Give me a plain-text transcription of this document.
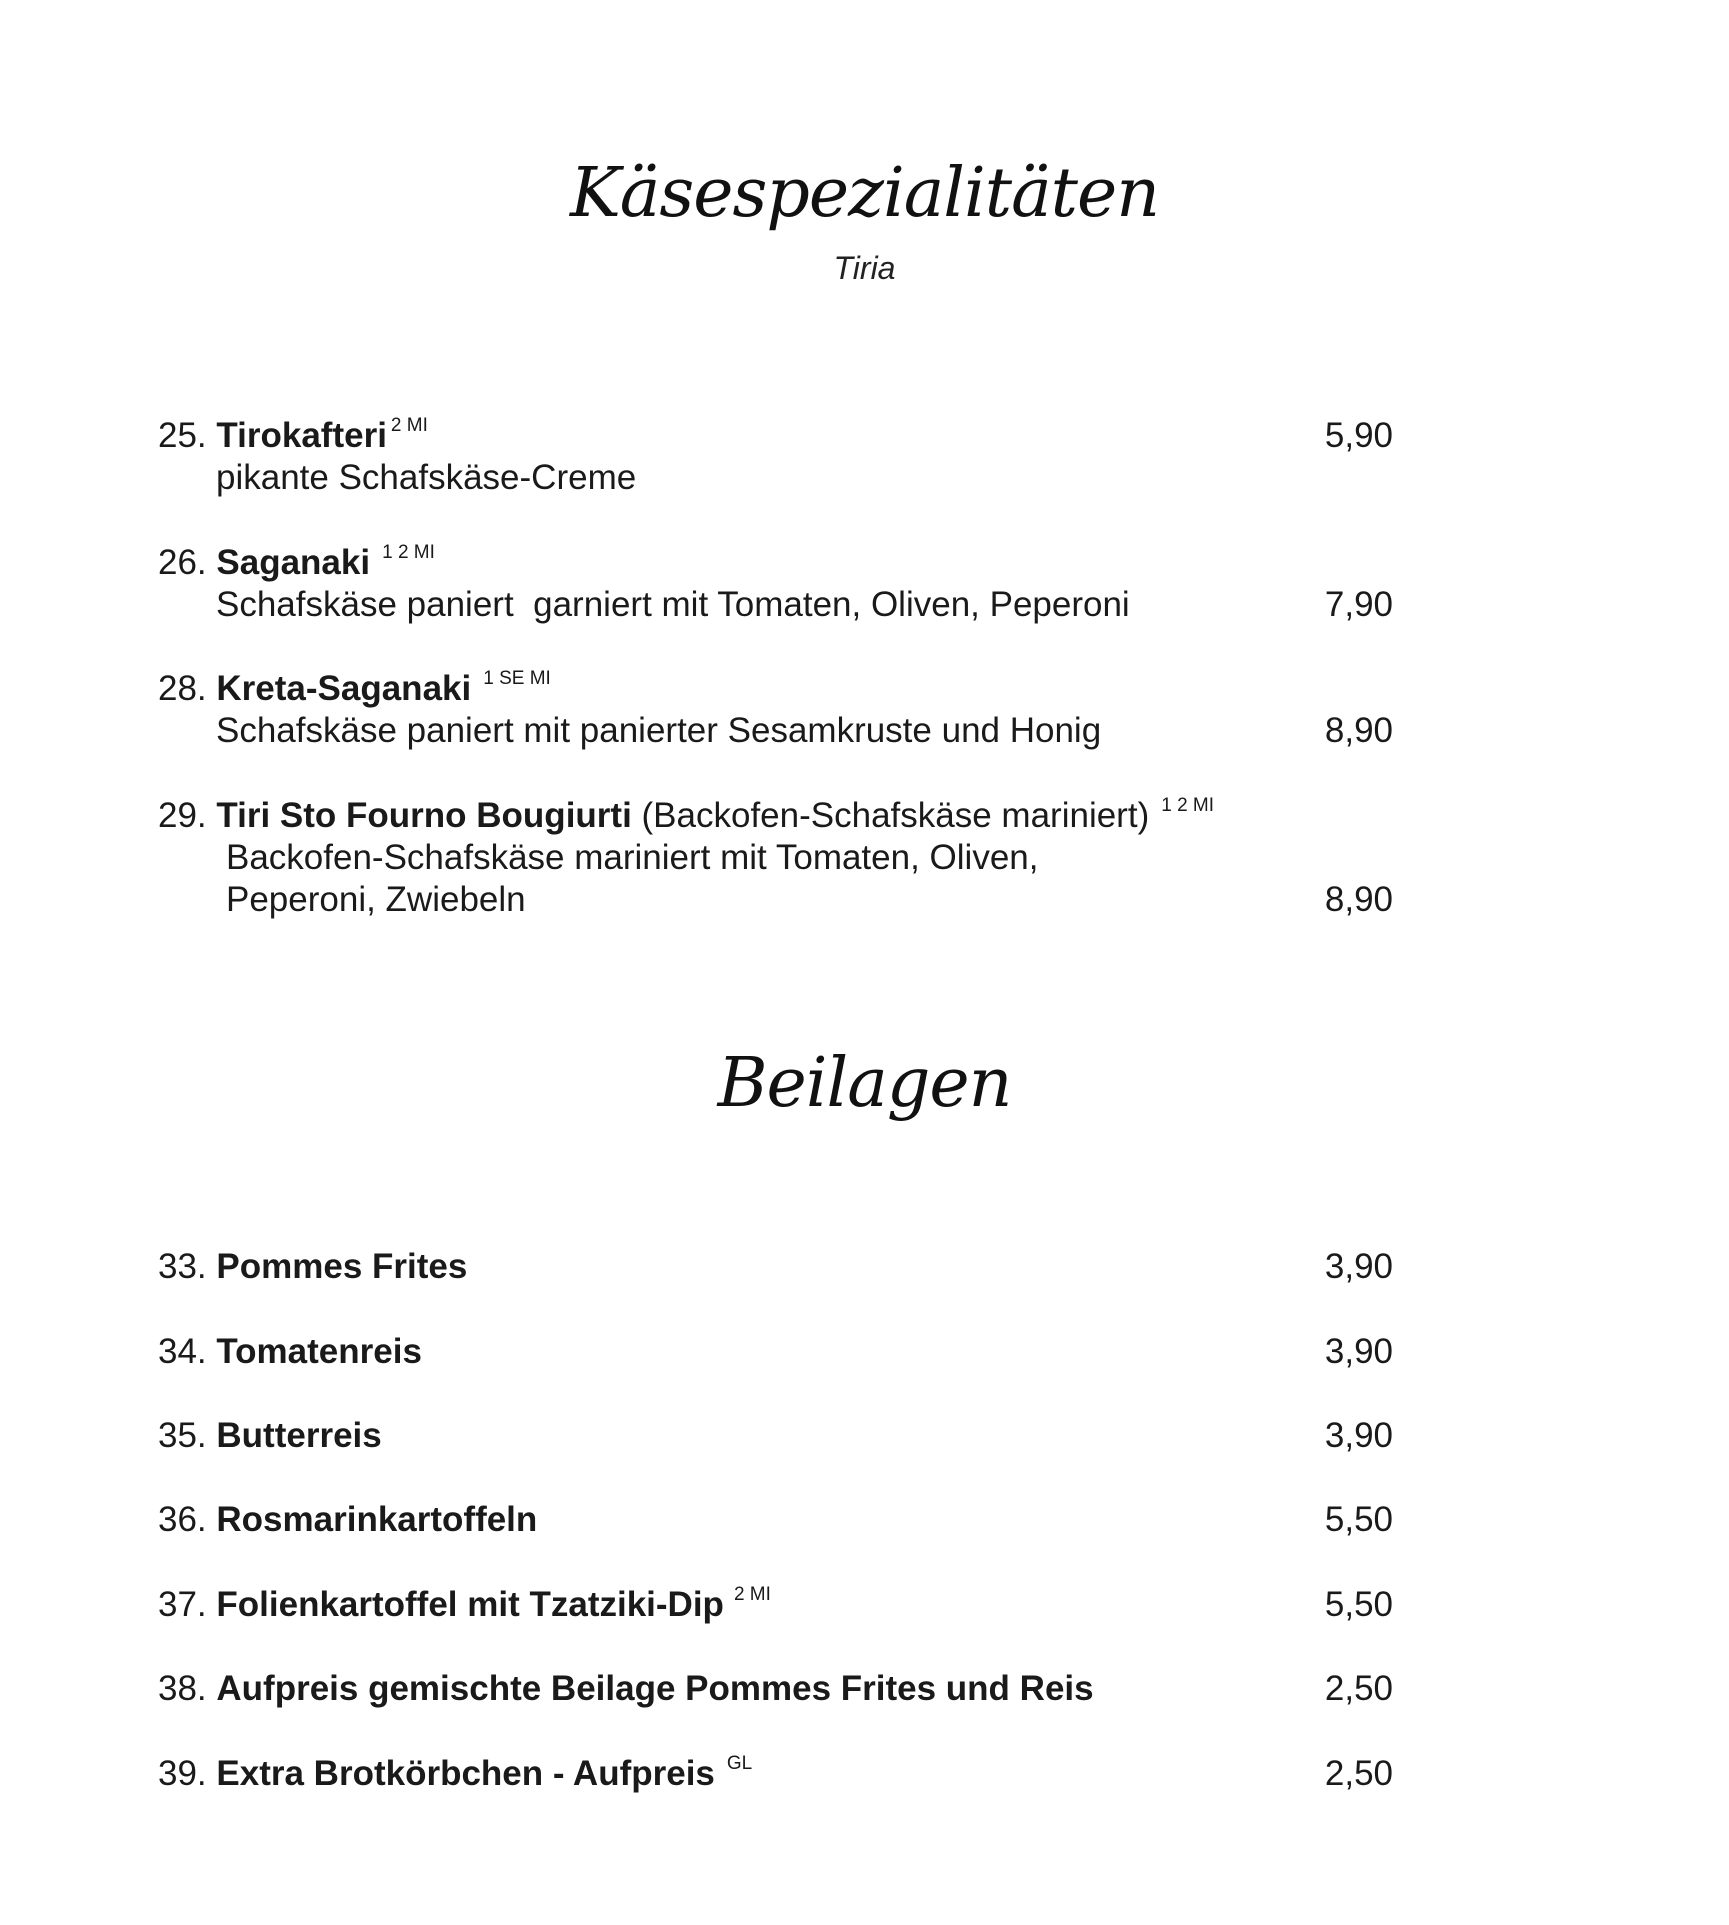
Käsespezialitäten
Tiria
25. Tirokafteri $^{2 MI}$	5,90
pikante Schafskäse-Creme
26. Saganaki $^{1 2 MI}$
Schafskäse paniert  garniert mit Tomaten, Oliven, Peperoni	7,90
28. Kreta-Saganaki $^{1 SE MI}$
Schafskäse paniert mit panierter Sesamkruste und Honig	8,90
29. Tiri Sto Fourno Bougiurti (Backofen-Schafskäse mariniert) $^{1 2 MI}$
Backofen-Schafskäse mariniert mit Tomaten, Oliven,
Peperoni, Zwiebeln	8,90
Beilagen
33. Pommes Frites	3,90
34. Tomatenreis	3,90
35. Butterreis	3,90
36. Rosmarinkartoffeln	5,50
37. Folienkartoffel mit Tzatziki-Dip $^{2 MI}$	5,50
38. Aufpreis gemischte Beilage Pommes Frites und Reis	2,50
39. Extra Brotkörbchen - Aufpreis $^{GL}$	2,50
